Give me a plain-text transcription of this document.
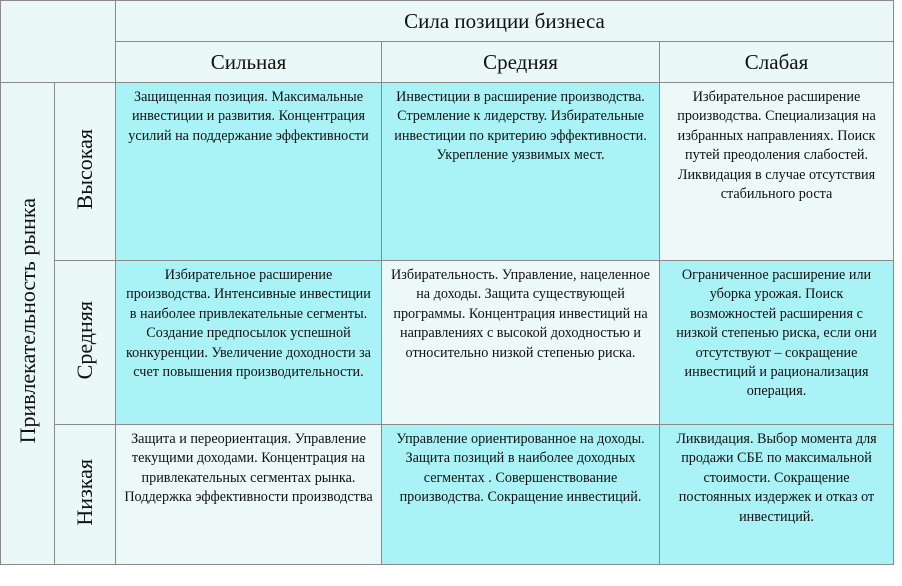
		Сила позиции бизнеса		
		Сильная	Средняя	Слабая
Привлекательность рынка	Высокая	Защищенная позиция. Максимальные инвестиции и развития. Концентрация усилий на поддержание эффективности	Инвестиции в расширение производства. Стремление к лидерству. Избирательные инвестиции по критерию эффективности. Укрепление уязвимых мест.	Избирательное расширение производства. Специализация на избранных направлениях. Поиск путей преодоления слабостей. Ликвидация в случае отсутствия стабильного роста

	Средняя	Избирательное расширение производства. Интенсивные инвестиции в наиболее привлекательные сегменты. Создание предпосылок успешной конкуренции. Увеличение доходности за счет повышения производительности.	Избирательность. Управление, нацеленное на доходы. Защита существующей программы. Концентрация инвестиций на направлениях с высокой доходностью и относительно низкой степенью риска.	Ограниченное расширение или уборка урожая. Поиск возможностей расширения с низкой степенью риска, если они отсутствуют – сокращение инвестиций и рационализация операция.

	Низкая	Защита и переориентация. Управление текущими доходами. Концентрация на привлекательных сегментах рынка. Поддержка эффективности производства	Управление ориентированное на доходы. Защита позиций в наиболее доходных сегментах . Совершенствование производства. Сокращение инвестиций.	Ликвидация. Выбор момента для продажи СБЕ по максимальной стоимости. Сокращение постоянных издержек и отказ от инвестиций.
